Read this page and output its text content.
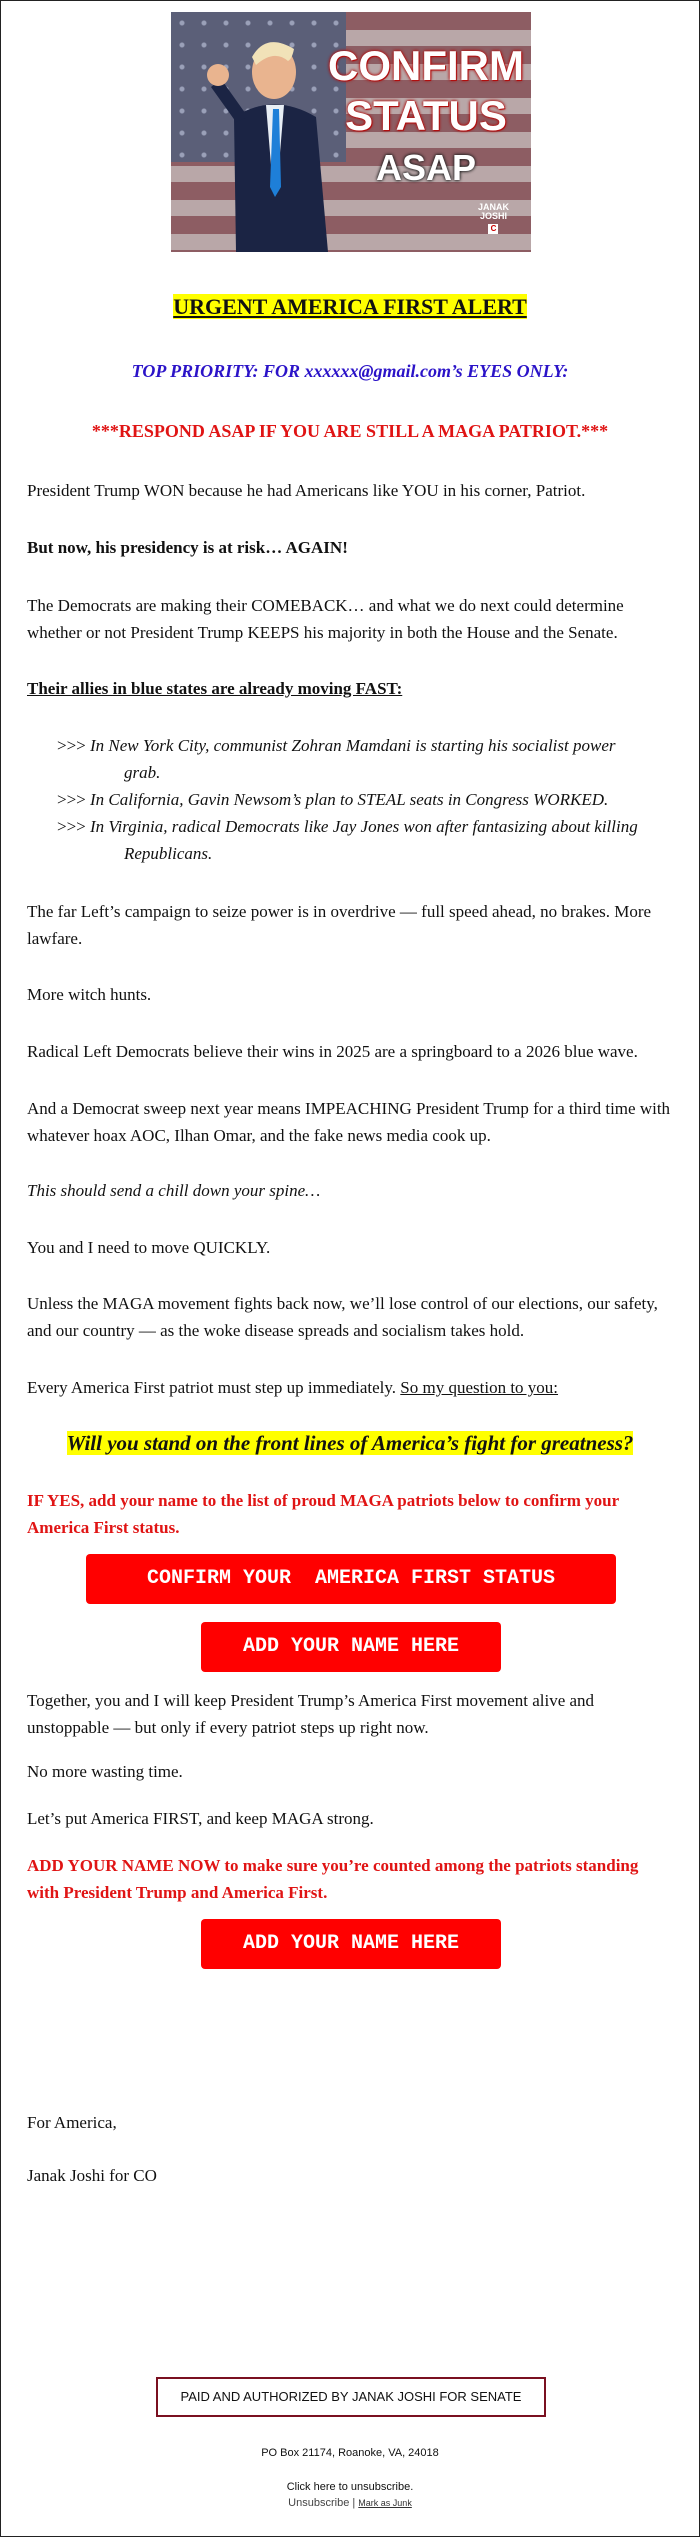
CONFIRM
STATUS
ASAP
JANAK
JOSHI
C
URGENT AMERICA FIRST ALERT
TOP PRIORITY: FOR xxxxxx@gmail.com’s EYES ONLY:
***RESPOND ASAP IF YOU ARE STILL A MAGA PATRIOT.***
President Trump WON because he had Americans like YOU in his corner, Patriot.
But now, his presidency is at risk… AGAIN!
The Democrats are making their COMEBACK… and what we do next could determine whether or not President Trump KEEPS his majority in both the House and the Senate.
Their allies in blue states are already moving FAST:
>>> In New York City, communist Zohran Mamdani is starting his socialist power grab.
>>> In California, Gavin Newsom’s plan to STEAL seats in Congress WORKED.
>>> In Virginia, radical Democrats like Jay Jones won after fantasizing about killing Republicans.
The far Left’s campaign to seize power is in overdrive — full speed ahead, no brakes. More lawfare.
More witch hunts.
Radical Left Democrats believe their wins in 2025 are a springboard to a 2026 blue wave.
And a Democrat sweep next year means IMPEACHING President Trump for a third time with whatever hoax AOC, Ilhan Omar, and the fake news media cook up.
This should send a chill down your spine…
You and I need to move QUICKLY.
Unless the MAGA movement fights back now, we’ll lose control of our elections, our safety, and our country — as the woke disease spreads and socialism takes hold.
Every America First patriot must step up immediately. So my question to you:
Will you stand on the front lines of America’s fight for greatness?
IF YES, add your name to the list of proud MAGA patriots below to confirm your America First status.
CONFIRM YOUR  AMERICA FIRST STATUS
ADD YOUR NAME HERE
Together, you and I will keep President Trump’s America First movement alive and unstoppable — but only if every patriot steps up right now.
No more wasting time.
Let’s put America FIRST, and keep MAGA strong.
ADD YOUR NAME NOW to make sure you’re counted among the patriots standing with President Trump and America First.
ADD YOUR NAME HERE
For America,
Janak Joshi for CO
PAID AND AUTHORIZED BY JANAK JOSHI FOR SENATE
PO Box 21174, Roanoke, VA, 24018
Click here to unsubscribe.
Unsubscribe | Mark as Junk
